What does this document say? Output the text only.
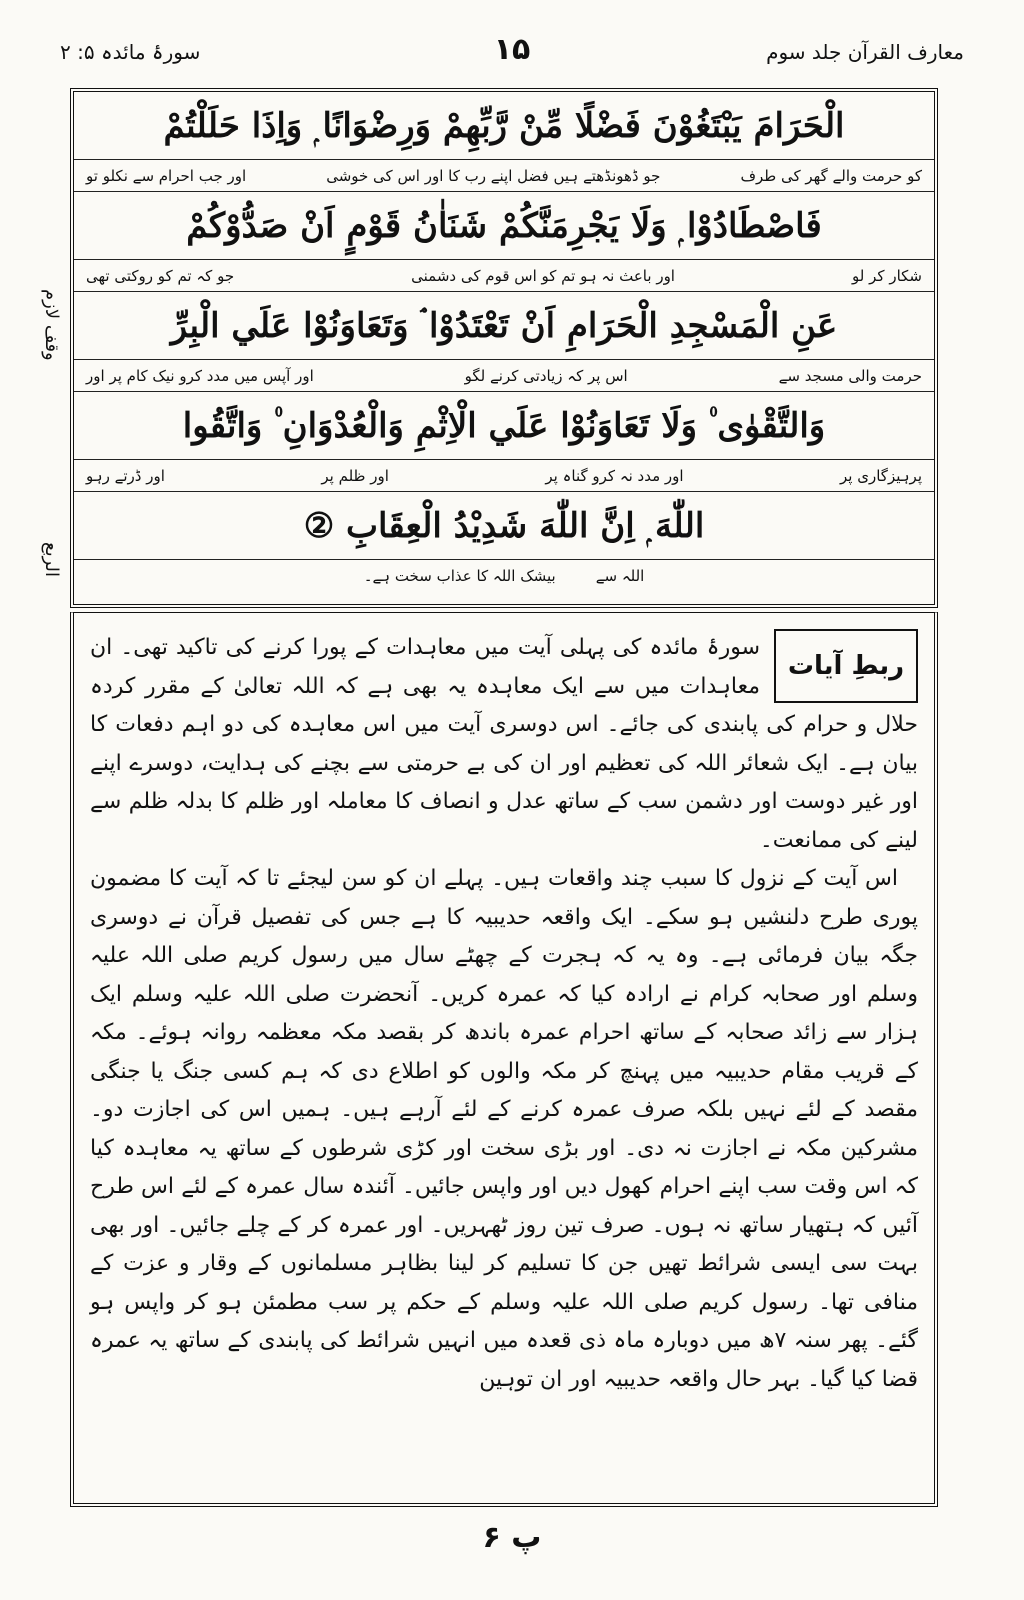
معارف القرآن جلد سوم
۱۵
سورۂ مائدہ ۵: ۲
وقف لازم
الربع
الْحَرَامَ يَبْتَغُوْنَ فَضْلًا مِّنْ رَّبِّهِمْ وَرِضْوَانًا ۭ وَاِذَا حَلَلْتُمْ
کو حرمت والے گھر کی طرف
جو ڈھونڈھتے ہیں فضل اپنے رب کا اور اس کی خوشی
اور جب احرام سے نکلو تو
فَاصْطَادُوْا ۭ وَلَا يَجْرِمَنَّكُمْ شَنَاٰنُ قَوْمٍ اَنْ صَدُّوْكُمْ
شکار کر لو
اور باعث نہ ہو تم کو اس قوم کی دشمنی
جو کہ تم کو روکتی تھی
عَنِ الْمَسْجِدِ الْحَرَامِ اَنْ تَعْتَدُوْا ۘ وَتَعَاوَنُوْا عَلَي الْبِرِّ
حرمت والی مسجد سے
اس پر کہ زیادتی کرنے لگو
اور آپس میں مدد کرو نیک کام پر اور
وَالتَّقْوٰى ۠ وَلَا تَعَاوَنُوْا عَلَي الْاِثْمِ وَالْعُدْوَانِ ۠ وَاتَّقُوا
پرہیزگاری پر
اور مدد نہ کرو گناہ پر
اور ظلم پر
اور ڈرتے رہو
اللّٰهَ ۭ اِنَّ اللّٰهَ شَدِيْدُ الْعِقَابِ ②
اللہ سے
بیشک اللہ کا عذاب سخت ہے۔
ربطِ آیات

سورۂ مائدہ کی پہلی آیت میں معاہدات کے پورا کرنے کی تاکید تھی۔ ان معاہدات میں سے ایک معاہدہ یہ بھی ہے کہ اللہ تعالیٰ کے مقرر کردہ حلال و حرام کی پابندی کی جائے۔ اس دوسری آیت میں اس معاہدہ کی دو اہم دفعات کا بیان ہے۔ ایک شعائر اللہ کی تعظیم اور ان کی بے حرمتی سے بچنے کی ہدایت، دوسرے اپنے اور غیر دوست اور دشمن سب کے ساتھ عدل و انصاف کا معاملہ اور ظلم کا بدلہ ظلم سے لینے کی ممانعت۔

اس آیت کے نزول کا سبب چند واقعات ہیں۔ پہلے ان کو سن لیجئے تا کہ آیت کا مضمون پوری طرح دلنشیں ہو سکے۔ ایک واقعہ حدیبیہ کا ہے جس کی تفصیل قرآن نے دوسری جگہ بیان فرمائی ہے۔ وہ یہ کہ ہجرت کے چھٹے سال میں رسول کریم صلی اللہ علیہ وسلم اور صحابہ کرام نے ارادہ کیا کہ عمرہ کریں۔ آنحضرت صلی اللہ علیہ وسلم ایک ہزار سے زائد صحابہ کے ساتھ احرام عمرہ باندھ کر بقصد مکہ معظمہ روانہ ہوئے۔ مکہ کے قریب مقام حدیبیہ میں پہنچ کر مکہ والوں کو اطلاع دی کہ ہم کسی جنگ یا جنگی مقصد کے لئے نہیں بلکہ صرف عمرہ کرنے کے لئے آرہے ہیں۔ ہمیں اس کی اجازت دو۔ مشرکین مکہ نے اجازت نہ دی۔ اور بڑی سخت اور کڑی شرطوں کے ساتھ یہ معاہدہ کیا کہ اس وقت سب اپنے احرام کھول دیں اور واپس جائیں۔ آئندہ سال عمرہ کے لئے اس طرح آئیں کہ ہتھیار ساتھ نہ ہوں۔ صرف تین روز ٹھہریں۔ اور عمرہ کر کے چلے جائیں۔ اور بھی بہت سی ایسی شرائط تھیں جن کا تسلیم کر لینا بظاہر مسلمانوں کے وقار و عزت کے منافی تھا۔ رسول کریم صلی اللہ علیہ وسلم کے حکم پر سب مطمئن ہو کر واپس ہو گئے۔ پھر سنہ ۷ھ میں دوبارہ ماہ ذی قعدہ میں انہیں شرائط کی پابندی کے ساتھ یہ عمرہ قضا کیا گیا۔ بہر حال واقعہ حدیبیہ اور ان توہین

پ ۶
